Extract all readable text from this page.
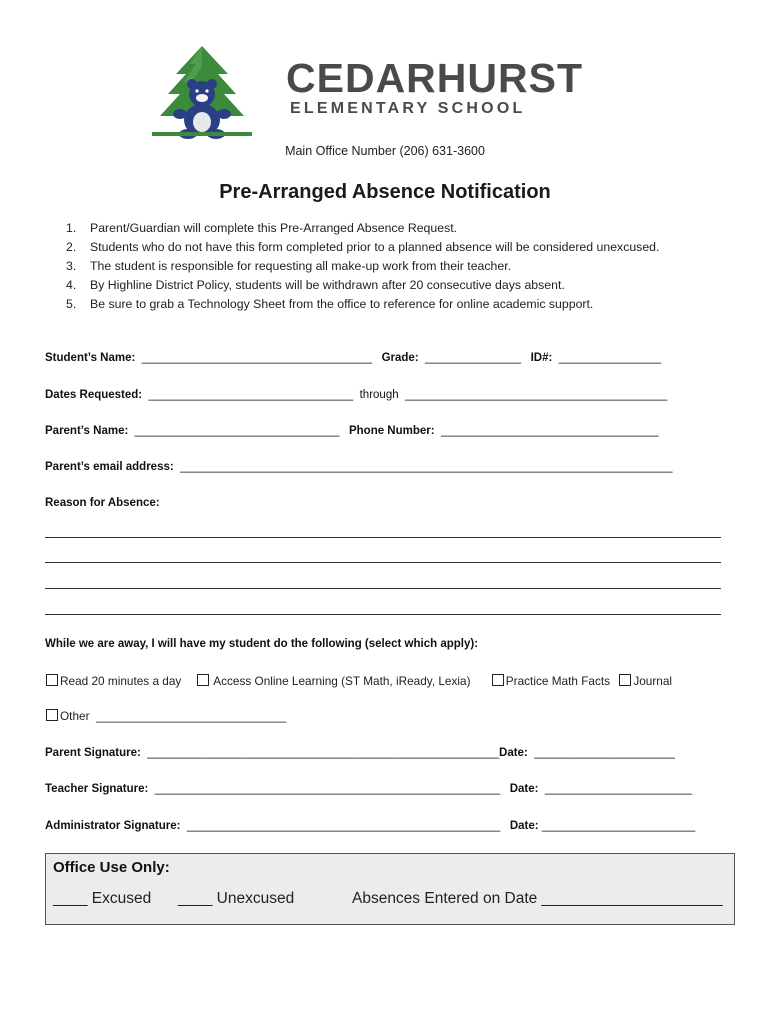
CEDARHURST
ELEMENTARY SCHOOL
Main Office Number (206) 631-3600
Pre-Arranged Absence Notification
1. Parent/Guardian will complete this Pre-Arranged Absence Request.
2. Students who do not have this form completed prior to a planned absence will be considered unexcused.
3. The student is responsible for requesting all make-up work from their teacher.
4. By Highline District Policy, students will be withdrawn after 20 consecutive days absent.
5. Be sure to grab a Technology Sheet from the office to reference for online academic support.
Student’s Name:  ____________________________________   Grade:  _______________   ID#:  ________________
Dates Requested:  ________________________________  through  _________________________________________
Parent’s Name:  ________________________________   Phone Number:  __________________________________
Parent’s email address:  _____________________________________________________________________________
Reason for Absence:
While we are away, I will have my student do the following (select which apply):
Read 20 minutes a day	Access Online Learning (ST Math, iReady, Lexia)	Practice Math Facts Journal
Other  _____________________________
Parent Signature:  _______________________________________________________Date:  ______________________
Teacher Signature:  ______________________________________________________   Date:  _______________________
Administrator Signature:  _________________________________________________   Date: ________________________
Office Use Only:
____ Excused ____ Unexcused	Absences Entered on Date _____________________
